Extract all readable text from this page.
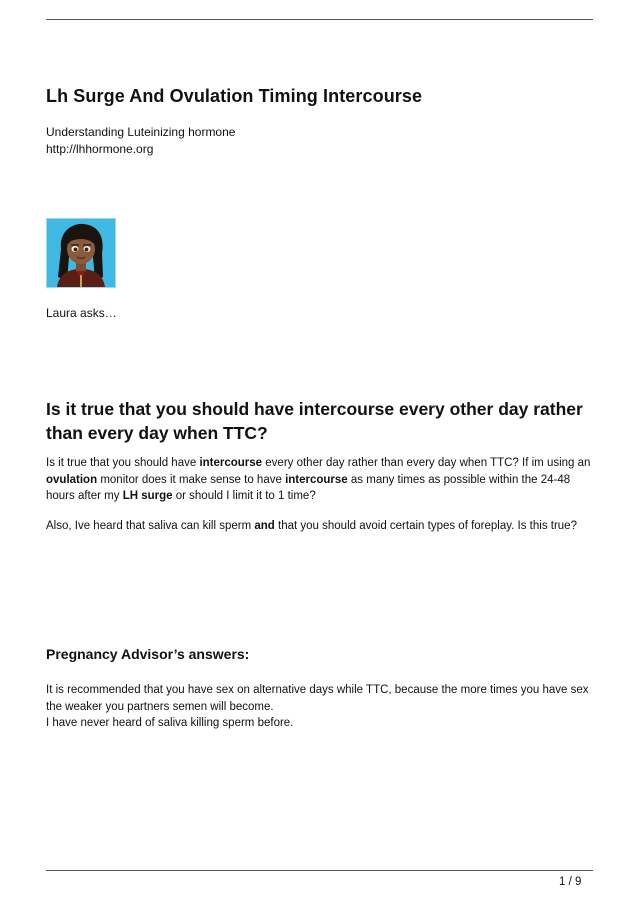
Lh Surge And Ovulation Timing Intercourse
Understanding Luteinizing hormone
http://lhhormone.org
Laura asks…
Is it true that you should have intercourse every other day rather than every day when TTC?

Is it true that you should have intercourse every other day rather than every day when TTC? If im using an ovulation monitor does it make sense to have intercourse as many times as possible within the 24-48 hours after my LH surge or should I limit it to 1 time?

Also, Ive heard that saliva can kill sperm and that you should avoid certain types of foreplay. Is this true?

Pregnancy Advisor’s answers:

It is recommended that you have sex on alternative days while TTC, because the more times you have sex the weaker you partners semen will become.
I have never heard of saliva killing sperm before.

1 / 9
